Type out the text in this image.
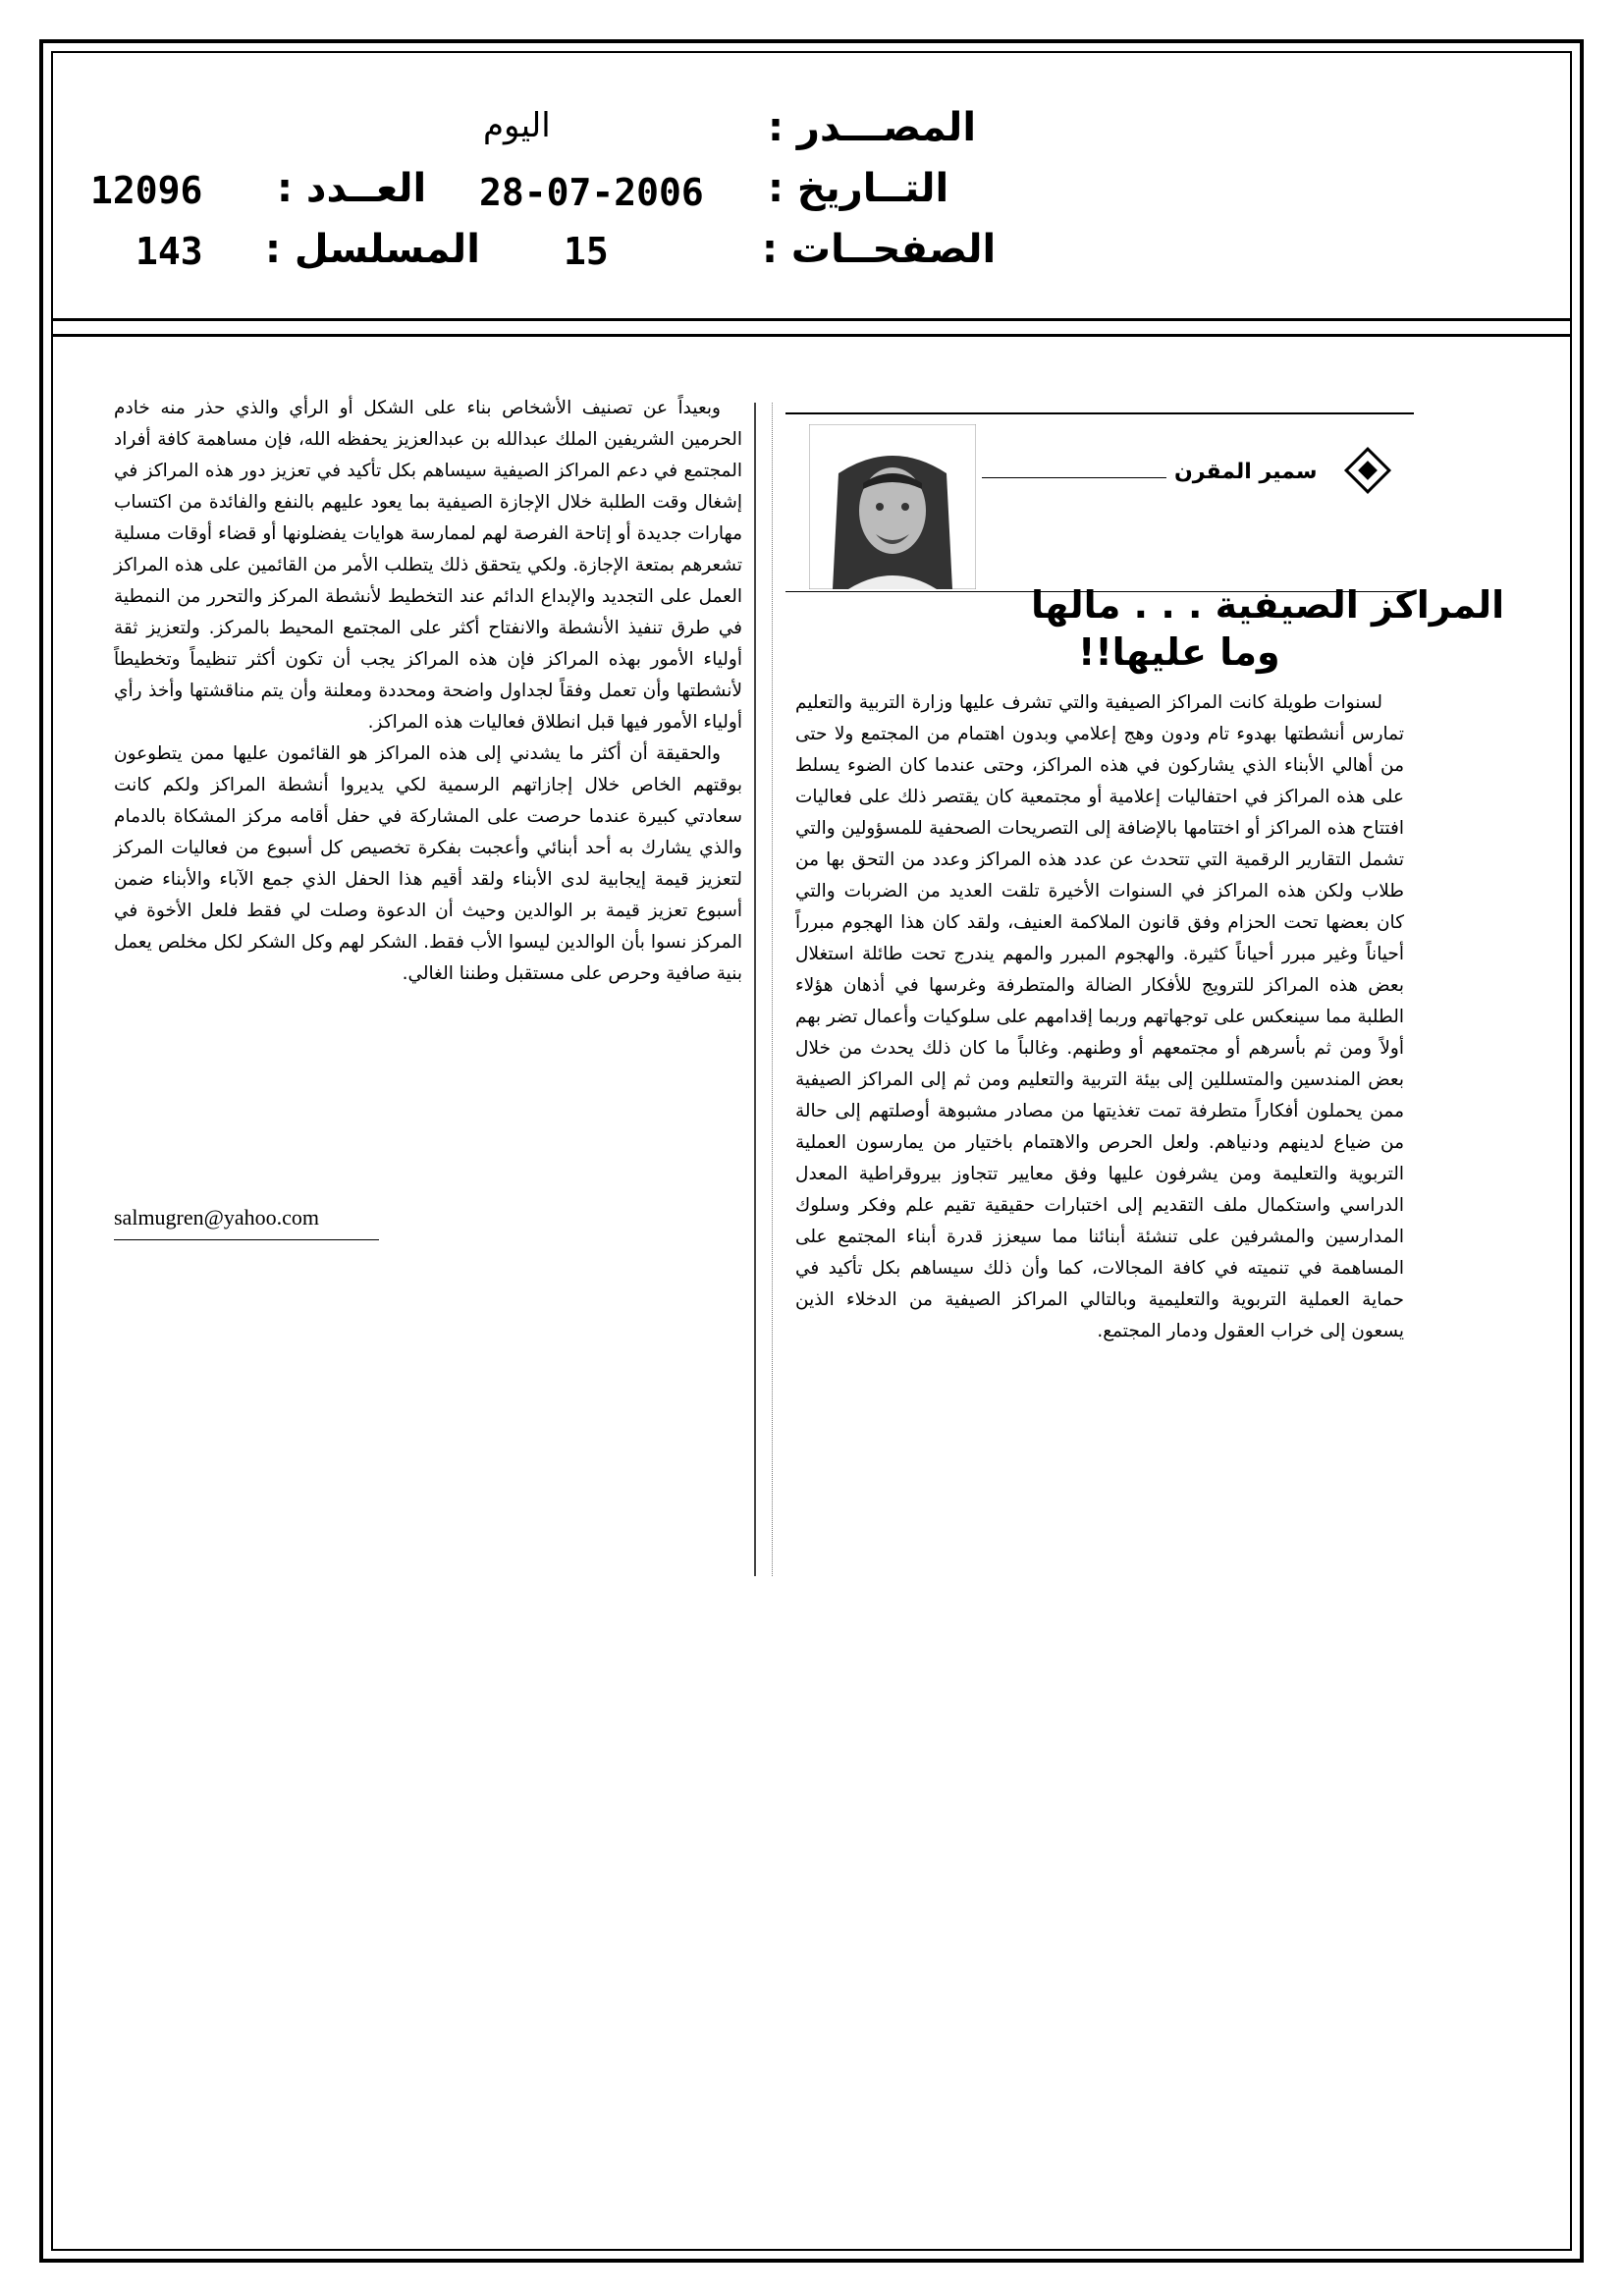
المصـــدر :
اليوم
التــاريخ :
28-07-2006
العــدد :
12096
الصفحــات :
15
المسلسل :
143
سمير المقرن
المراكز الصيفية . . . مالها
وما عليها!!

لسنوات طويلة كانت المراكز الصيفية والتي تشرف عليها وزارة التربية والتعليم تمارس أنشطتها بهدوء تام ودون وهج إعلامي وبدون اهتمام من المجتمع ولا حتى من أهالي الأبناء الذي يشاركون في هذه المراكز، وحتى عندما كان الضوء يسلط على هذه المراكز في احتفاليات إعلامية أو مجتمعية كان يقتصر ذلك على فعاليات افتتاح هذه المراكز أو اختتامها بالإضافة إلى التصريحات الصحفية للمسؤولين والتي تشمل التقارير الرقمية التي تتحدث عن عدد هذه المراكز وعدد من التحق بها من طلاب ولكن هذه المراكز في السنوات الأخيرة تلقت العديد من الضربات والتي كان بعضها تحت الحزام وفق قانون الملاكمة العنيف، ولقد كان هذا الهجوم مبرراً أحياناً وغير مبرر أحياناً كثيرة. والهجوم المبرر والمهم يندرج تحت طائلة استغلال بعض هذه المراكز للترويج للأفكار الضالة والمتطرفة وغرسها في أذهان هؤلاء الطلبة مما سينعكس على توجهاتهم وربما إقدامهم على سلوكيات وأعمال تضر بهم أولاً ومن ثم بأسرهم أو مجتمعهم أو وطنهم. وغالباً ما كان ذلك يحدث من خلال بعض المندسين والمتسللين إلى بيئة التربية والتعليم ومن ثم إلى المراكز الصيفية ممن يحملون أفكاراً متطرفة تمت تغذيتها من مصادر مشبوهة أوصلتهم إلى حالة من ضياع لدينهم ودنياهم. ولعل الحرص والاهتمام باختيار من يمارسون العملية التربوية والتعليمة ومن يشرفون عليها وفق معايير تتجاوز بيروقراطية المعدل الدراسي واستكمال ملف التقديم إلى اختبارات حقيقية تقيم علم وفكر وسلوك المدارسين والمشرفين على تنشئة أبنائنا مما سيعزز قدرة أبناء المجتمع على المساهمة في تنميته في كافة المجالات، كما وأن ذلك سيساهم بكل تأكيد في حماية العملية التربوية والتعليمية وبالتالي المراكز الصيفية من الدخلاء الذين يسعون إلى خراب العقول ودمار المجتمع.

وبعيداً عن تصنيف الأشخاص بناء على الشكل أو الرأي والذي حذر منه خادم الحرمين الشريفين الملك عبدالله بن عبدالعزيز يحفظه الله، فإن مساهمة كافة أفراد المجتمع في دعم المراكز الصيفية سيساهم بكل تأكيد في تعزيز دور هذه المراكز في إشغال وقت الطلبة خلال الإجازة الصيفية بما يعود عليهم بالنفع والفائدة من اكتساب مهارات جديدة أو إتاحة الفرصة لهم لممارسة هوايات يفضلونها أو قضاء أوقات مسلية تشعرهم بمتعة الإجازة. ولكي يتحقق ذلك يتطلب الأمر من القائمين على هذه المراكز العمل على التجديد والإبداع الدائم عند التخطيط لأنشطة المركز والتحرر من النمطية في طرق تنفيذ الأنشطة والانفتاح أكثر على المجتمع المحيط بالمركز. ولتعزيز ثقة أولياء الأمور بهذه المراكز فإن هذه المراكز يجب أن تكون أكثر تنظيماً وتخطيطاً لأنشطتها وأن تعمل وفقاً لجداول واضحة ومحددة ومعلنة وأن يتم مناقشتها وأخذ رأي أولياء الأمور فيها قبل انطلاق فعاليات هذه المراكز.

والحقيقة أن أكثر ما يشدني إلى هذه المراكز هو القائمون عليها ممن يتطوعون بوقتهم الخاص خلال إجازاتهم الرسمية لكي يديروا أنشطة المراكز ولكم كانت سعادتي كبيرة عندما حرصت على المشاركة في حفل أقامه مركز المشكاة بالدمام والذي يشارك به أحد أبنائي وأعجبت بفكرة تخصيص كل أسبوع من فعاليات المركز لتعزيز قيمة إيجابية لدى الأبناء ولقد أقيم هذا الحفل الذي جمع الآباء والأبناء ضمن أسبوع تعزيز قيمة بر الوالدين وحيث أن الدعوة وصلت لي فقط فلعل الأخوة في المركز نسوا بأن الوالدين ليسوا الأب فقط. الشكر لهم وكل الشكر لكل مخلص يعمل بنية صافية وحرص على مستقبل وطننا الغالي.

salmugren@yahoo.com
